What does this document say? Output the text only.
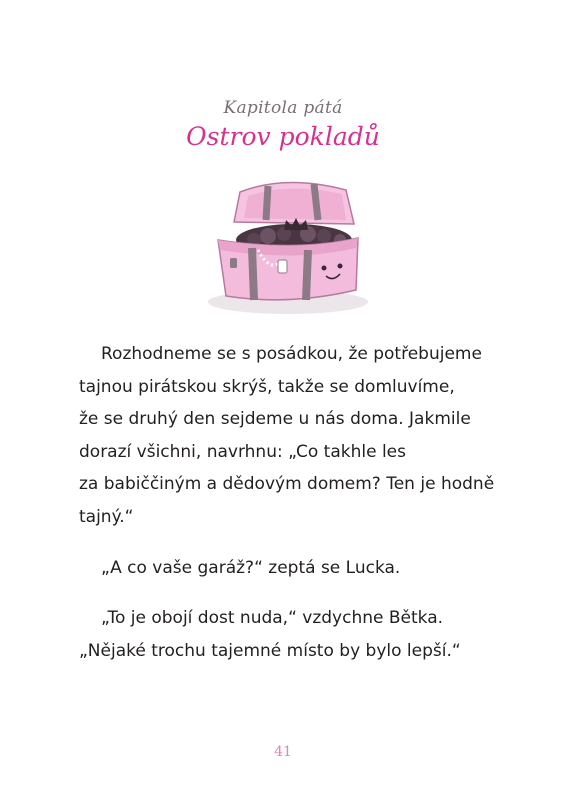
Kapitola pátá
Ostrov pokladů

Rozhodneme se s posádkou, že potřebujeme

tajnou pirátskou skrýš, takže se domluvíme,

že se druhý den sejdeme u nás doma. Jakmile

dorazí všichni, navrhnu: „Co takhle les

za babiččiným a dědovým domem? Ten je hodně

tajný.“

„A co vaše garáž?“ zeptá se Lucka.

„To je obojí dost nuda,“ vzdychne Bětka.

„Nějaké trochu tajemné místo by bylo lepší.“

41
